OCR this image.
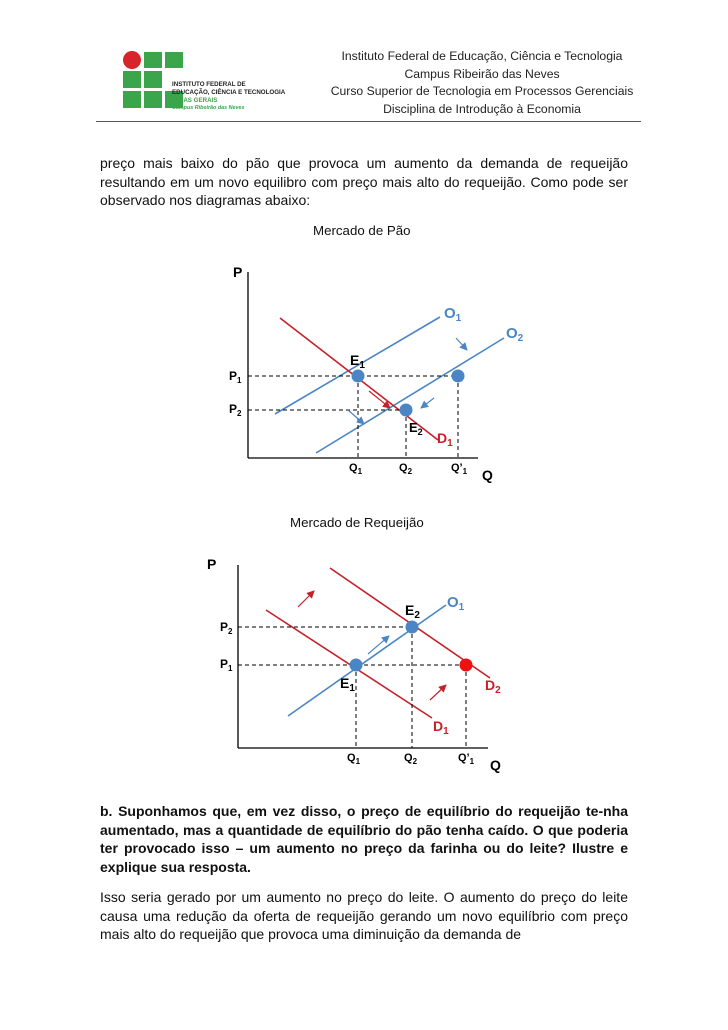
INSTITUTO FEDERAL DE
EDUCAÇÃO, CIÊNCIA E TECNOLOGIA
MINAS GERAIS
Campus Ribeirão das Neves
Instituto Federal de Educação, Ciência e Tecnologia
Campus Ribeirão das Neves
Curso Superior de Tecnologia em Processos Gerenciais
Disciplina de Introdução à Economia
preço mais baixo do pão que provoca um aumento da demanda de requeijão resultando em um novo equilibro com preço mais alto do requeijão. Como pode ser observado nos diagramas abaixo:
Mercado de Pão
P
Q
$O_1$
$O_2$
$D_1$
$E_1$
$E_2$
$P_1$
$P_2$
$Q_1$	$Q_2$	$Q’_1$
Mercado de Requeijão
P
Q
$O_1$
$D_2$
$D_1$
$E_2$
$E_1$
$P_2$
$P_1$
$Q_1$	$Q_2$	$Q’_1$
b. Suponhamos que, em vez disso, o preço de equilíbrio do requeijão te-nha aumentado, mas a quantidade de equilíbrio do pão tenha caído. O que poderia ter provocado isso – um aumento no preço da farinha ou do leite? Ilustre e explique sua resposta.
Isso seria gerado por um aumento no preço do leite. O aumento do preço do leite causa uma redução da oferta de requeijão gerando um novo equilíbrio com preço mais alto do requeijão que provoca uma diminuição da demanda de
